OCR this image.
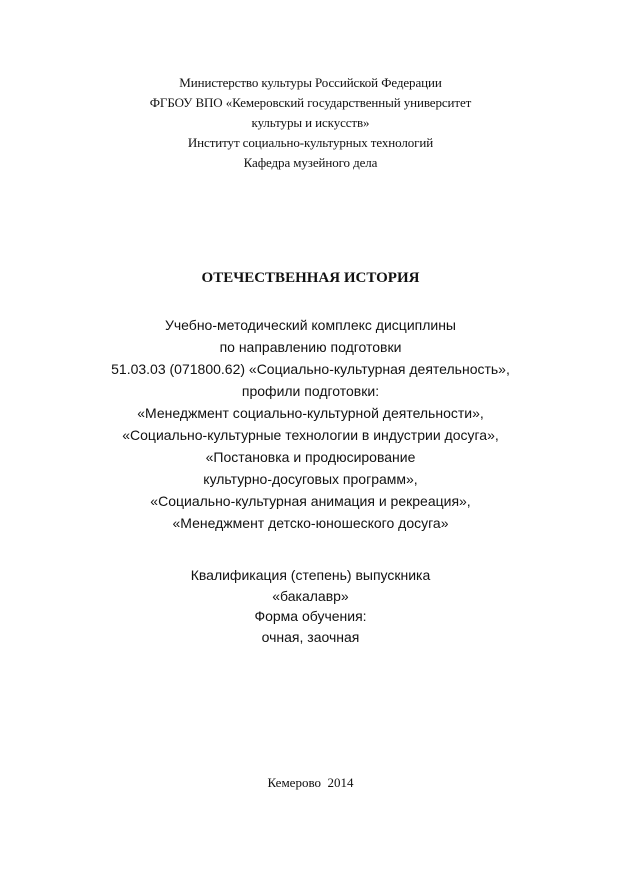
Министерство культуры Российской Федерации
ФГБОУ ВПО «Кемеровский государственный университет
культуры и искусств»
Институт социально-культурных технологий
Кафедра музейного дела
ОТЕЧЕСТВЕННАЯ ИСТОРИЯ
Учебно-методический комплекс дисциплины
по направлению подготовки
51.03.03 (071800.62) «Социально-культурная деятельность»,
профили подготовки:
«Менеджмент социально-культурной деятельности»,
«Социально-культурные технологии в индустрии досуга»,
«Постановка и продюсирование
культурно-досуговых программ»,
«Социально-культурная анимация и рекреация»,
«Менеджмент детско-юношеского досуга»
Квалификация (степень) выпускника
«бакалавр»
Форма обучения:
очная, заочная
Кемерово  2014
